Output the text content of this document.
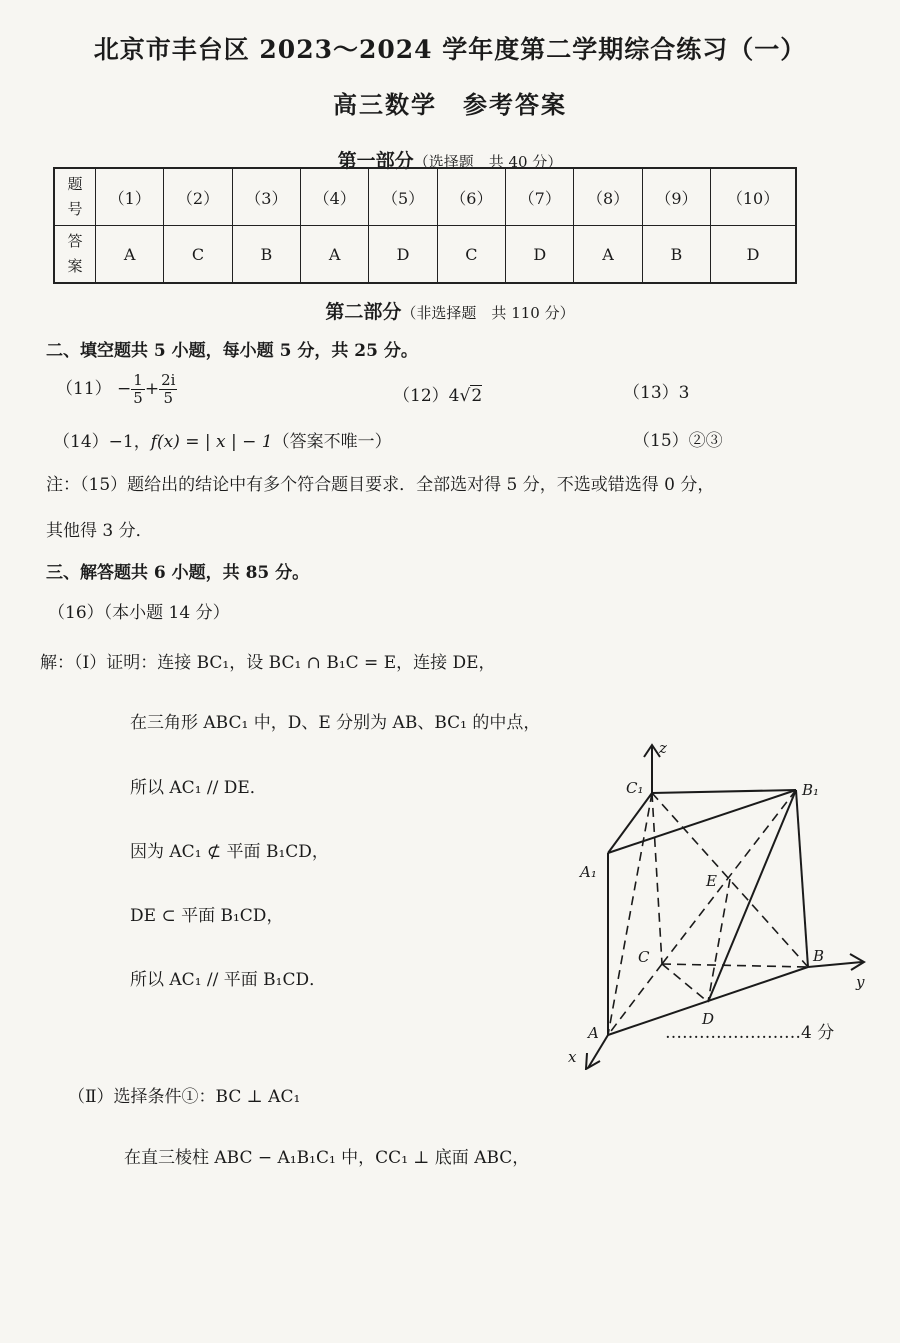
北京市丰台区 2023～2024 学年度第二学期综合练习（一）
高三数学　参考答案
第一部分（选择题　共 40 分）
题
号	（1）	（2）	（3）	（4）	（5）	（6）	（7）	（8）	（9）	（10）
答
案	A	C	B	A	D	C	D	A	B	D
第二部分（非选择题　共 110 分）
二、填空题共 5 小题，每小题 5 分，共 25 分。
$(11) - \frac{1}{5} + \frac{2i}{5}$	（12）4√2	（13）3
（14）−1，f(x) = | x | − 1（答案不唯一）	（15）②③
注：（15）题给出的结论中有多个符合题目要求．全部选对得 5 分，不选或错选得 0 分，
其他得 3 分．
三、解答题共 6 小题，共 85 分。
（16）（本小题 14 分）
解：（Ⅰ）证明：连接 BC₁，设 BC₁ ∩ B₁C = E，连接 DE，
在三角形 ABC₁ 中，D、E 分别为 AB、BC₁ 的中点，
所以 AC₁ // DE．
因为 AC₁ ⊄ 平面 B₁CD，
DE ⊂ 平面 B₁CD，
所以 AC₁ // 平面 B₁CD．
……………………4 分
（Ⅱ）选择条件①：BC ⊥ AC₁
在直三棱柱 ABC − A₁B₁C₁ 中，CC₁ ⊥ 底面 ABC，
z
y
x
C₁	B₁
A₁	E
C	B
A
D
